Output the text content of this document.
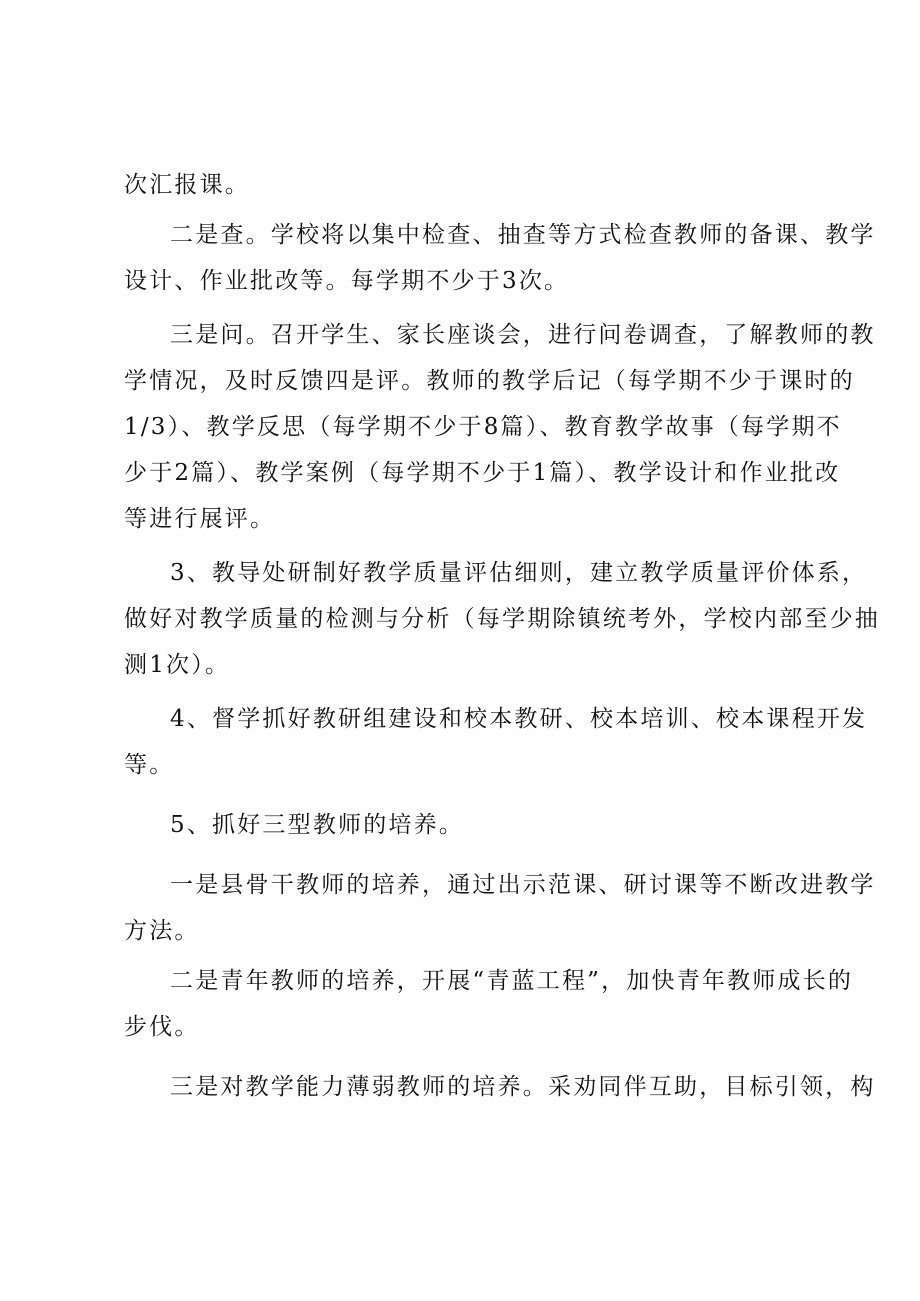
次汇报课。
二是查。学校将以集中检查、抽查等方式检查教师的备课、教学
设计、作业批改等。每学期不少于3次。
三是问。召开学生、家长座谈会，进行问卷调查，了解教师的教
学情况，及时反馈四是评。教师的教学后记（每学期不少于课时的
1/3）、教学反思（每学期不少于8篇）、教育教学故事（每学期不
少于2篇）、教学案例（每学期不少于1篇）、教学设计和作业批改
等进行展评。
3、教导处研制好教学质量评估细则，建立教学质量评价体系，
做好对教学质量的检测与分析（每学期除镇统考外，学校内部至少抽
测1次）。
4、督学抓好教研组建设和校本教研、校本培训、校本课程开发
等。
5、抓好三型教师的培养。
一是县骨干教师的培养，通过出示范课、研讨课等不断改进教学
方法。
二是青年教师的培养，开展“青蓝工程”，加快青年教师成长的
步伐。
三是对教学能力薄弱教师的培养。采劝同伴互助，目标引领，构
